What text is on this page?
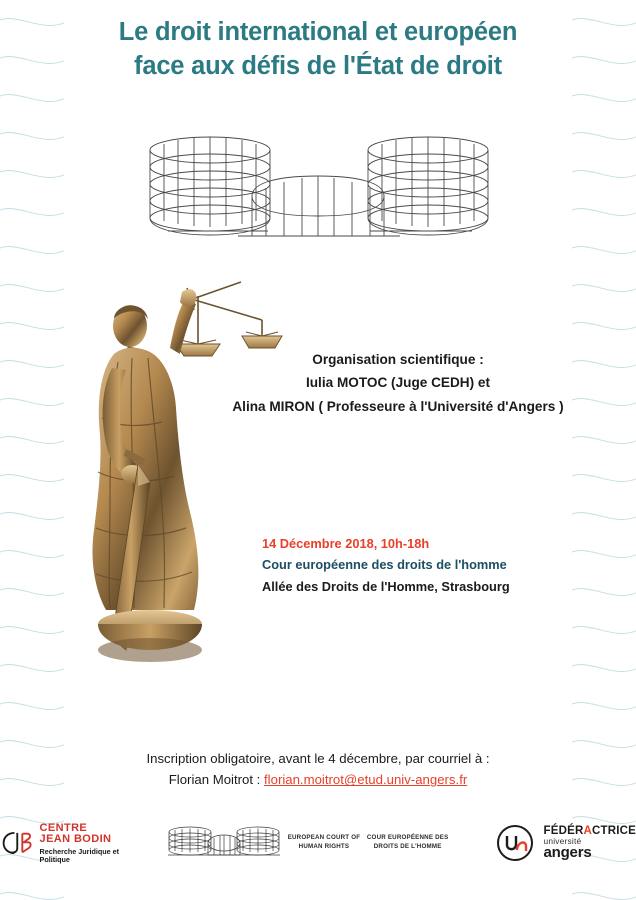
Le droit international et européen
face aux défis de l'État de droit
Organisation scientifique :
Iulia MOTOC (Juge CEDH) et
Alina MIRON ( Professeure à l'Université d'Angers )
14 Décembre 2018, 10h-18h
Cour européenne des droits de l'homme
Allée des Droits de l'Homme, Strasbourg
Inscription obligatoire, avant le 4 décembre, par courriel à :
Florian Moitrot : florian.moitrot@etud.univ-angers.fr
CENTRE
JEAN BODIN
Recherche Juridique et Politique
EUROPEAN COURT OF HUMAN RIGHTS
COUR EUROPÉENNE DES DROITS DE L'HOMME
FÉDÉRACTRICE
université
angers
